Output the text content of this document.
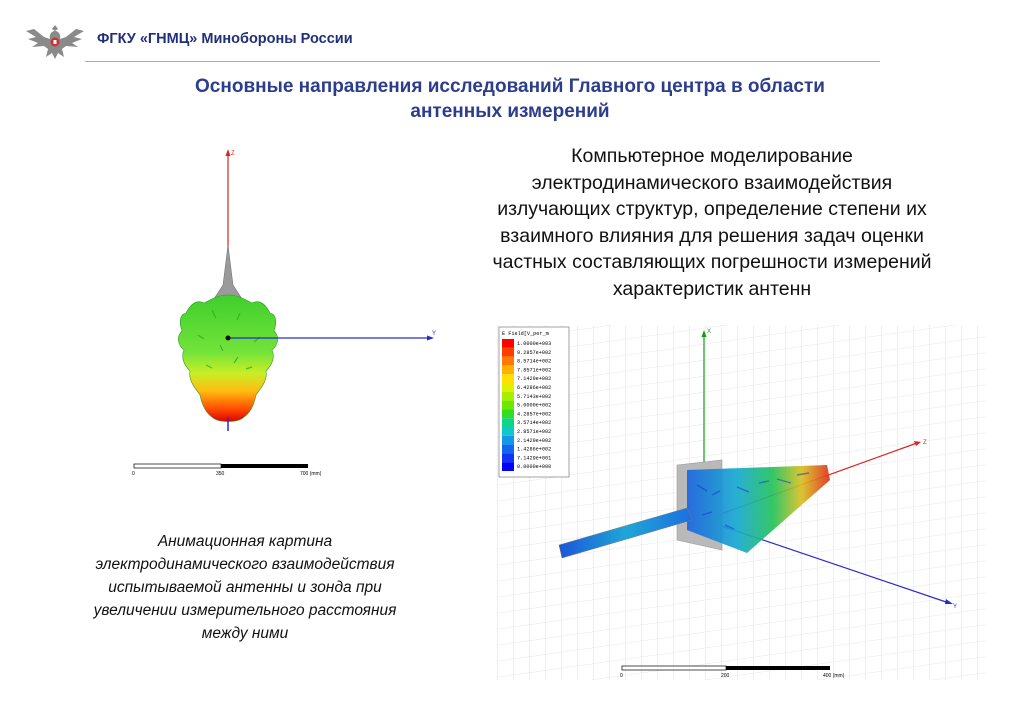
ФГКУ «ГНМЦ» Минобороны России
Основные направления исследований Главного центра в области
антенных измерений
Компьютерное моделирование
электродинамического взаимодействия
излучающих структур, определение степени их
взаимного влияния для решения задач оценки
частных составляющих погрешности измерений
характеристик антенн
Z
Y
0	350	700 (mm)
Анимационная картина
электродинамического взаимодействия
испытываемой антенны и зонда при
увеличении измерительного расстояния
между ними
E Field[V_per_m
1.0000e+003
9.2857e+002
8.5714e+002
7.8571e+002
7.1429e+002
6.4286e+002
5.7143e+002
5.0000e+002
4.2857e+002
3.5714e+002
2.8571e+002
2.1429e+002
1.4286e+002
7.1429e+001
0.0000e+000
X
Z
Y
0	200	400 (mm)
